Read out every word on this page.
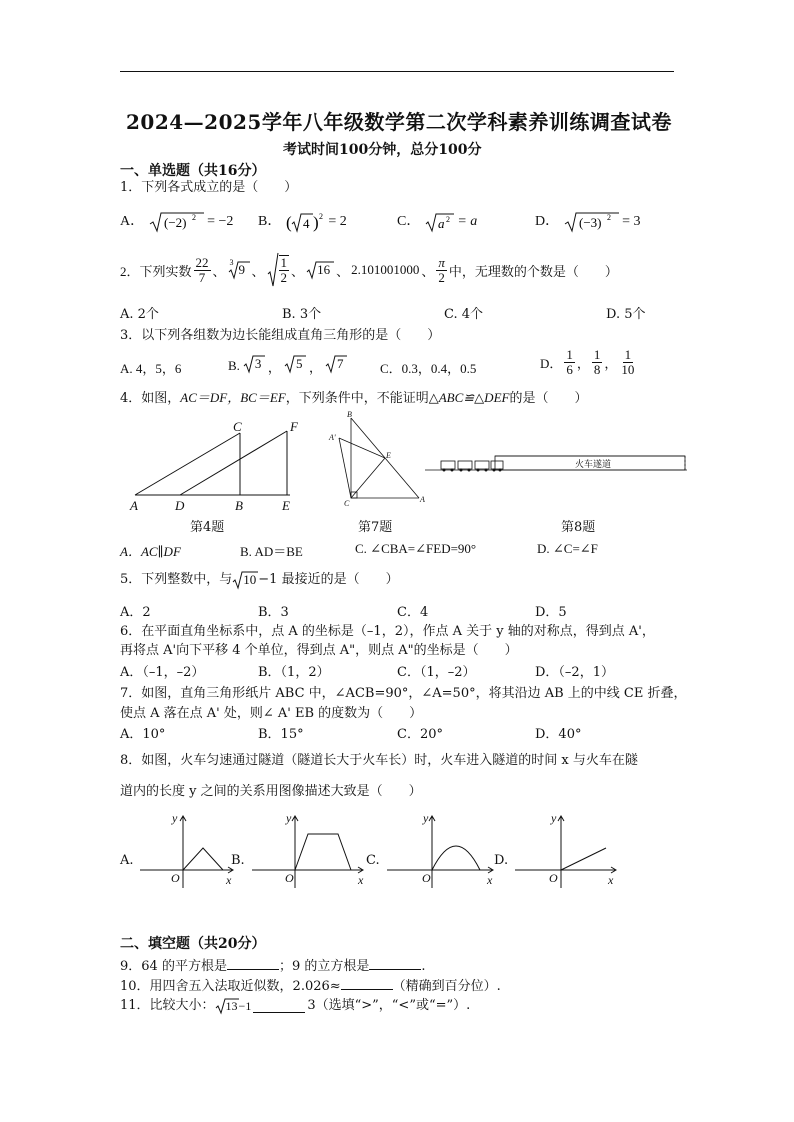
2024—2025学年八年级数学第二次学科素养训练调查试卷
考试时间100分钟，总分100分
一、单选题（共16分）
1．下列各式成立的是（　　）
A． (−2) 2 = −2 B． ( 4 ) 2 = 2	C． a 2 = a	D． (−3) 2 = 3
2．下列实数
22
7 、
3 9 、
1
2 、 16 、 2.101001000 、
π
2 中，无理数的个数是（　　）
A. 2个	B. 3个	C. 4个	D. 5个
3．以下列各组数为边长能组成直角三角形的是（　　）
A. 4，5，6	B. 3 ， 5 ， 7	C．0.3，0.4，0.5	D．
1
6 ，
1
8 ，
1
10
4．如图，AC＝DF，BC＝EF，下列条件中，不能证明△ABC≌△DEF的是（　　）
C	F
A	D	B	E
第4题
B
A'
E
C	A
第7题
火车遂道
第8题
A．AC∥DF	B. AD＝BE	C. ∠CBA=∠FED=90°	D. ∠C=∠F
5．下列整数中，与 10 −1 最接近的是（　　）
A．2	B．3	C．4	D．5
6．在平面直角坐标系中，点 A 的坐标是（–1，2），作点 A 关于 y 轴的对称点，得到点 A'，
再将点 A'向下平移 4 个单位，得到点 A"，则点 A"的坐标是（　　）
A．（–1，–2）	B．（1，2）	C．（1，–2）	D．（–2，1）
7．如图，直角三角形纸片 ABC 中，∠ACB=90°，∠A=50°，将其沿边 AB 上的中线 CE 折叠，
使点 A 落在点 A' 处，则∠ A' EB 的度数为（　　）
A．10°	B．15°	C．20°	D．40°
8．如图，火车匀速通过隧道（隧道长大于火车长）时，火车进入隧道的时间 x 与火车在隧
道内的长度 y 之间的关系用图像描述大致是（　　）
A.
y
x
O
B.
y
x
O
C.
y
x
O
D.
y
x
O
二、填空题（共20分）
9．64 的平方根是	；9 的立方根是	.
10．用四舍五入法取近似数，2.026≈	（精确到百分位）.
11．比较大小： 13 −1	3（选填“>”，“<”或“=”）.
